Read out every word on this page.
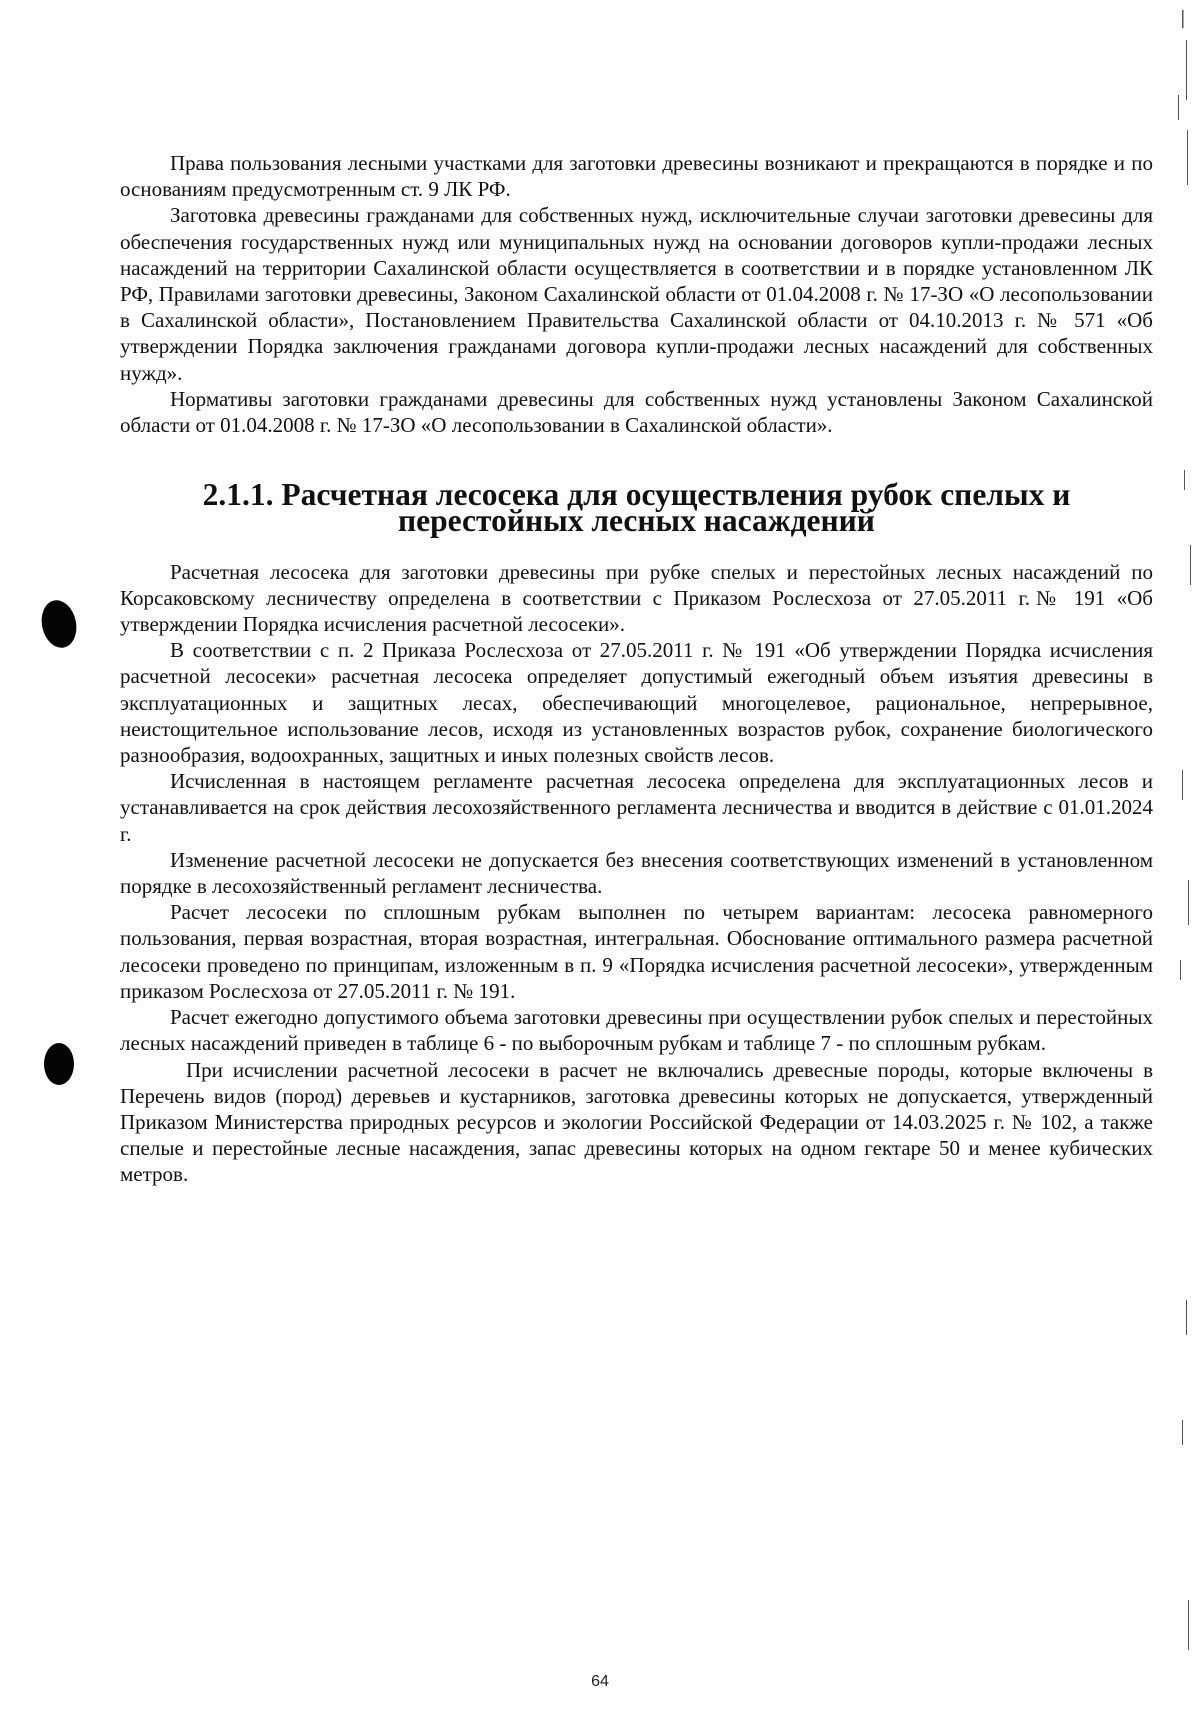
Права пользования лесными участками для заготовки древесины возникают и прекращаются в порядке и по основаниям предусмотренным ст. 9 ЛК РФ.

Заготовка древесины гражданами для собственных нужд, исключительные случаи заготовки древесины для обеспечения государственных нужд или муниципальных нужд на основании договоров купли-продажи лесных насаждений на территории Сахалинской области осуществляется в соответствии и в порядке установленном ЛК РФ, Правилами заготовки древесины, Законом Сахалинской области от 01.04.2008 г. № 17-ЗО «О лесопользовании в Сахалинской области», Постановлением Правительства Сахалинской области от 04.10.2013 г. № 571 «Об утверждении Порядка заключения гражданами договора купли-продажи лесных насаждений для собственных нужд».

Нормативы заготовки гражданами древесины для собственных нужд установлены Законом Сахалинской области от 01.04.2008 г. № 17-ЗО «О лесопользовании в Сахалинской области».

2.1.1. Расчетная лесосека для осуществления рубок спелых и перестойных лесных насаждений

Расчетная лесосека для заготовки древесины при рубке спелых и перестойных лесных насаждений по Корсаковскому лесничеству определена в соответствии с Приказом Рослесхоза от 27.05.2011 г.№ 191 «Об утверждении Порядка исчисления расчетной лесосеки».

В соответствии с п. 2 Приказа Рослесхоза от 27.05.2011 г. № 191 «Об утверждении Порядка исчисления расчетной лесосеки» расчетная лесосека определяет допустимый ежегодный объем изъятия древесины в эксплуатационных и защитных лесах, обеспечивающий многоцелевое, рациональное, непрерывное, неистощительное использование лесов, исходя из установленных возрастов рубок, сохранение биологического разнообразия, водоохранных, защитных и иных полезных свойств лесов.

Исчисленная в настоящем регламенте расчетная лесосека определена для эксплуатационных лесов и устанавливается на срок действия лесохозяйственного регламента лесничества и вводится в действие с 01.01.2024 г.

Изменение расчетной лесосеки не допускается без внесения соответствующих изменений в установленном порядке в лесохозяйственный регламент лесничества.

Расчет лесосеки по сплошным рубкам выполнен по четырем вариантам: лесосека равномерного пользования, первая возрастная, вторая возрастная, интегральная. Обоснование оптимального размера расчетной лесосеки проведено по принципам, изложенным в п. 9 «Порядка исчисления расчетной лесосеки», утвержденным приказом Рослесхоза от 27.05.2011 г. № 191.

Расчет ежегодно допустимого объема заготовки древесины при осуществлении рубок спелых и перестойных лесных насаждений приведен в таблице 6 - по выборочным рубкам и таблице 7 - по сплошным рубкам.

При исчислении расчетной лесосеки в расчет не включались древесные породы, которые включены в Перечень видов (пород) деревьев и кустарников, заготовка древесины которых не допускается, утвержденный Приказом Министерства природных ресурсов и экологии Российской Федерации от 14.03.2025 г. № 102, а также спелые и перестойные лесные насаждения, запас древесины которых на одном гектаре 50 и менее кубических метров.

64
